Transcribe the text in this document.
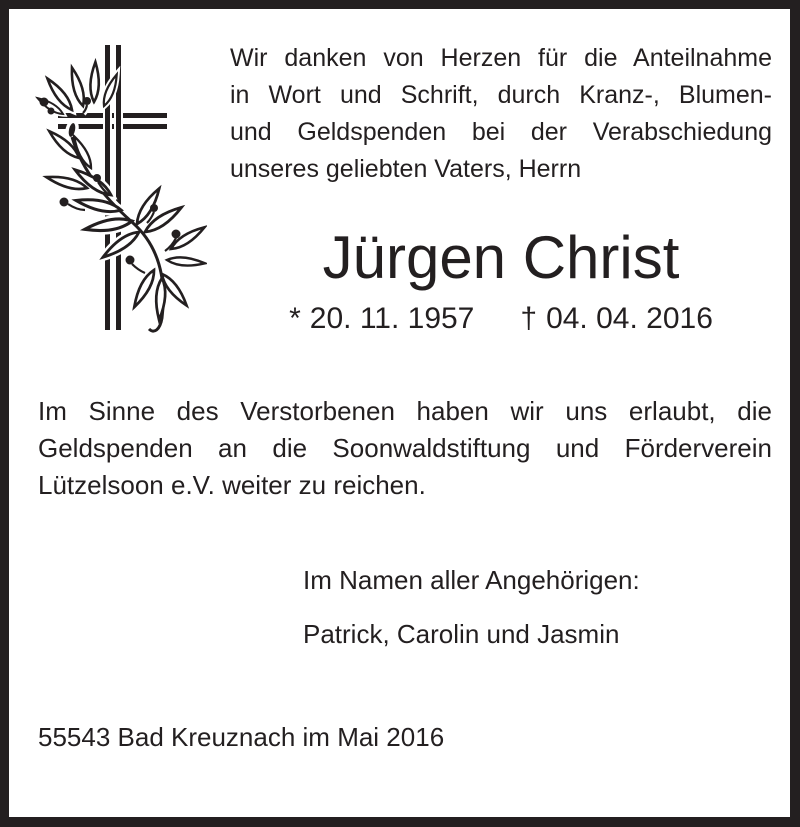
Wir danken von Herzen für die Anteilnahme
in Wort und Schrift, durch Kranz-, Blumen-
und Geldspenden bei der Verabschiedung
unseres geliebten Vaters, Herrn
Jürgen Christ
* 20. 11. 1957 † 04. 04. 2016
Im Sinne des Verstorbenen haben wir uns erlaubt, die
Geldspenden an die Soonwaldstiftung und Förderverein
Lützelsoon e.V. weiter zu reichen.
Im Namen aller Angehörigen:
Patrick, Carolin und Jasmin
55543 Bad Kreuznach im Mai 2016
